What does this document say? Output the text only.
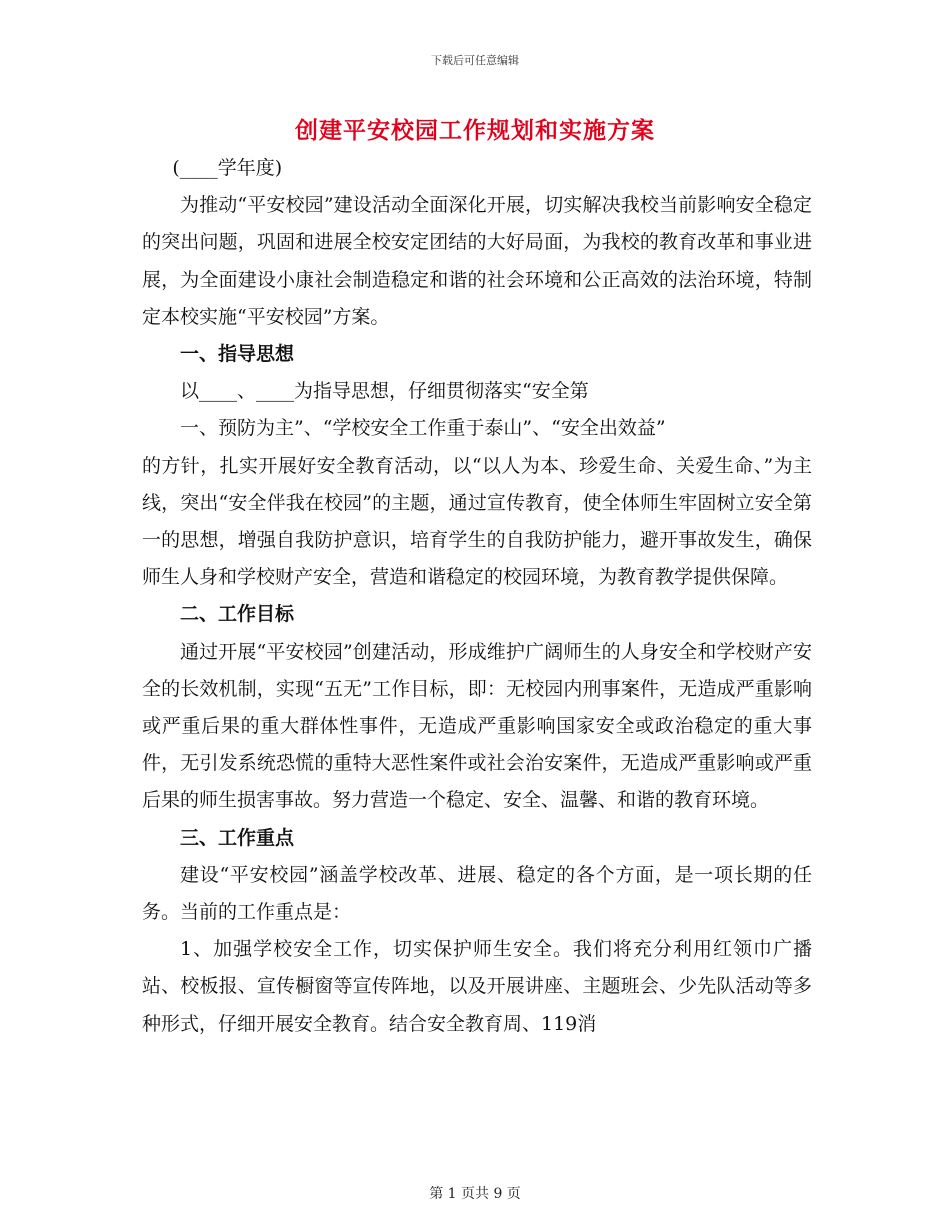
下载后可任意编辑
创建平安校园工作规划和实施方案

(____学年度)

为推动“平安校园”建设活动全面深化开展，切实解决我校当前影响安全稳定的突出问题，巩固和进展全校安定团结的大好局面，为我校的教育改革和事业进展，为全面建设小康社会制造稳定和谐的社会环境和公正高效的法治环境，特制定本校实施“平安校园”方案。

一、指导思想

以____、____为指导思想，仔细贯彻落实“安全第

一、预防为主”、“学校安全工作重于泰山”、“安全出效益”

的方针，扎实开展好安全教育活动，以“以人为本、珍爱生命、关爱生命、”为主线，突出“安全伴我在校园”的主题，通过宣传教育，使全体师生牢固树立安全第一的思想，增强自我防护意识，培育学生的自我防护能力，避开事故发生，确保师生人身和学校财产安全，营造和谐稳定的校园环境，为教育教学提供保障。

二、工作目标

通过开展“平安校园”创建活动，形成维护广阔师生的人身安全和学校财产安全的长效机制，实现“五无”工作目标，即：无校园内刑事案件，无造成严重影响或严重后果的重大群体性事件，无造成严重影响国家安全或政治稳定的重大事件，无引发系统恐慌的重特大恶性案件或社会治安案件，无造成严重影响或严重后果的师生损害事故。努力营造一个稳定、安全、温馨、和谐的教育环境。

三、工作重点

建设“平安校园”涵盖学校改革、进展、稳定的各个方面，是一项长期的任务。当前的工作重点是：

1、加强学校安全工作，切实保护师生安全。我们将充分利用红领巾广播站、校板报、宣传橱窗等宣传阵地，以及开展讲座、主题班会、少先队活动等多种形式，仔细开展安全教育。结合安全教育周、119消

第 1 页共 9 页
